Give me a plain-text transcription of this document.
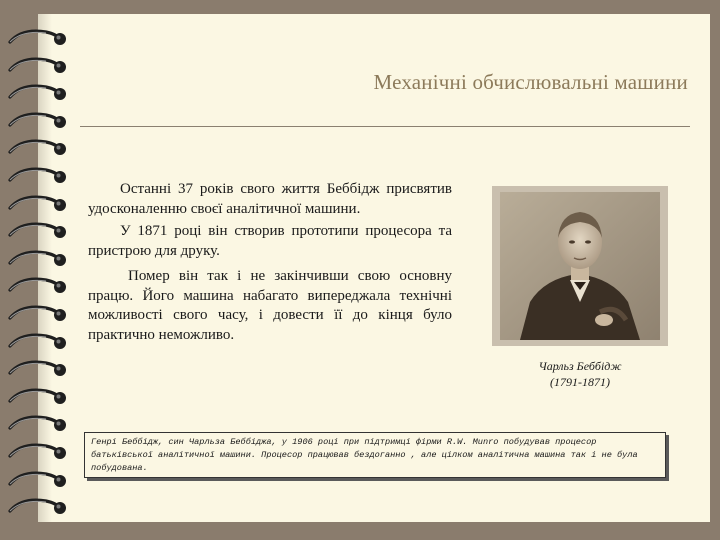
Механічні обчислювальні машини

Останні 37 років свого життя Беббідж присвятив удосконаленню своєї аналітичної машини.

У 1871 році він створив прототипи процесора та пристрою для друку.

Помер він так і не закінчивши свою основну працю. Його машина набагато випереджала технічні можливості свого часу, і довести її до кінця було практично неможливо.

Чарльз Беббідж
(1791-1871)

Генрі Беббідж, син Чарльза Беббіджа, у 1906 році при підтримці фірми R.W. Munro побудував процесор батьківської аналітичної машини. Процесор працював бездоганно , але цілком аналітична машина так і не була побудована.
